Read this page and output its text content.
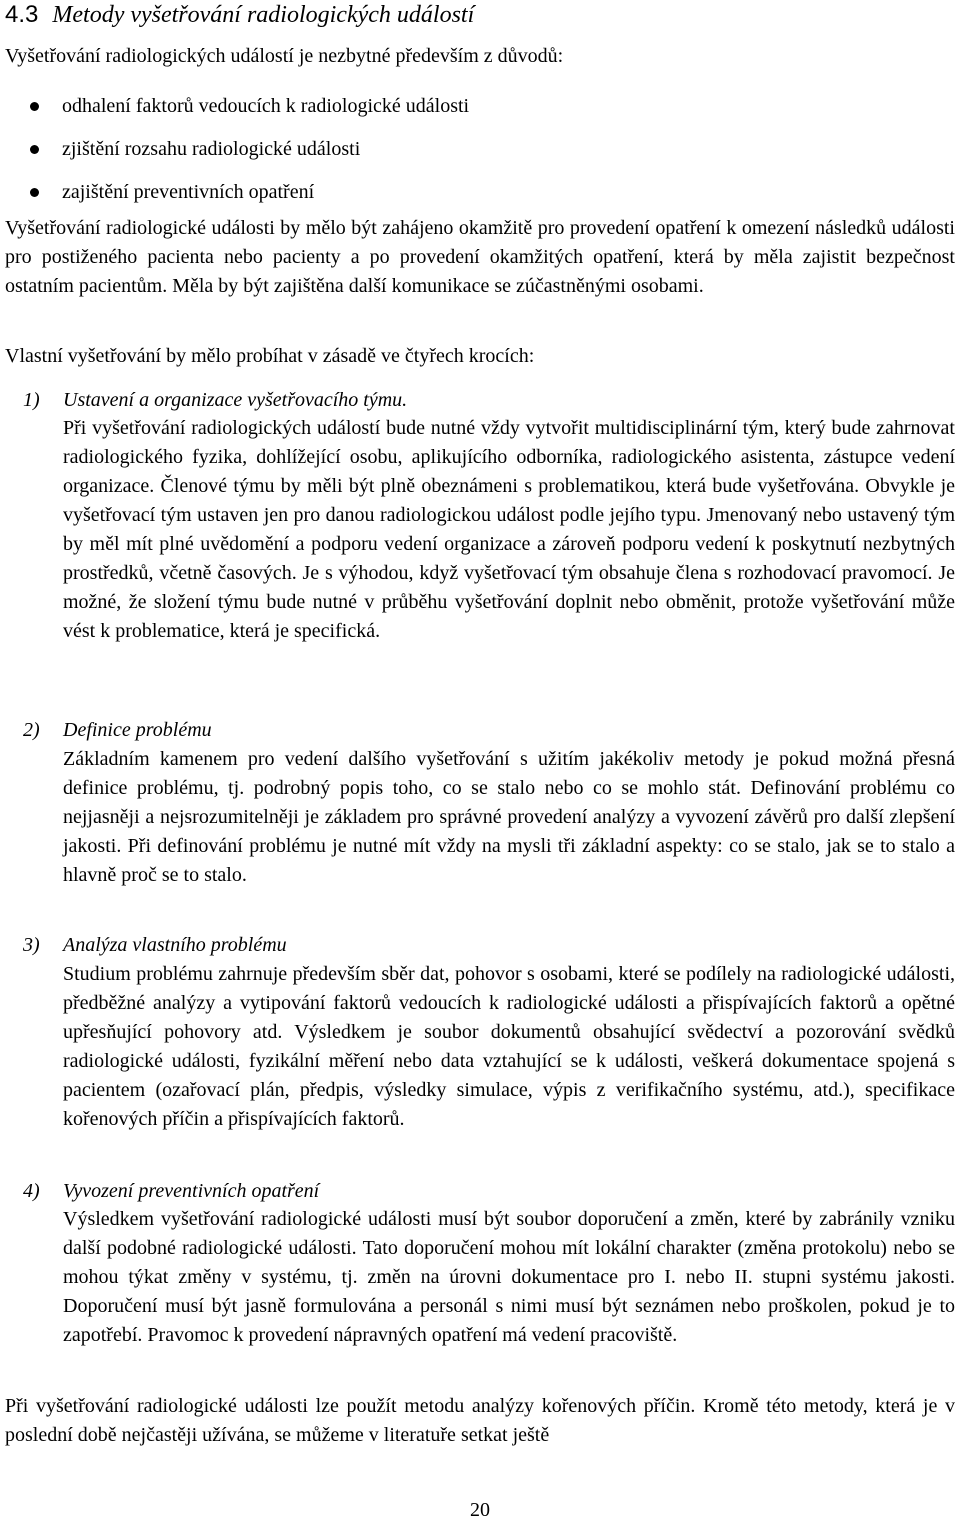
4.3 Metody vyšetřování radiologických událostí

Vyšetřování radiologických událostí je nezbytné především z důvodů:

odhalení faktorů vedoucích k radiologické události
zjištění rozsahu radiologické události
zajištění preventivních opatření

Vyšetřování radiologické události by mělo být zahájeno okamžitě pro provedení opatření k omezení následků události pro postiženého pacienta nebo pacienty a po provedení okamžitých opatření, která by měla zajistit bezpečnost ostatním pacientům. Měla by být zajištěna další komunikace se zúčastněnými osobami.

Vlastní vyšetřování by mělo probíhat v zásadě ve čtyřech krocích:

1) Ustavení a organizace vyšetřovacího týmu.

Při vyšetřování radiologických událostí bude nutné vždy vytvořit multidisciplinární tým, který bude zahrnovat radiologického fyzika, dohlížející osobu, aplikujícího odborníka, radiologického asistenta, zástupce vedení organizace. Členové týmu by měli být plně obeznámeni s problematikou, která bude vyšetřována. Obvykle je vyšetřovací tým ustaven jen pro danou radiologickou událost podle jejího typu. Jmenovaný nebo ustavený tým by měl mít plné uvědomění a podporu vedení organizace a zároveň podporu vedení k poskytnutí nezbytných prostředků, včetně časových. Je s výhodou, když vyšetřovací tým obsahuje člena s rozhodovací pravomocí. Je možné, že složení týmu bude nutné v průběhu vyšetřování doplnit nebo obměnit, protože vyšetřování může vést k problematice, která je specifická.

2) Definice problému

Základním kamenem pro vedení dalšího vyšetřování s užitím jakékoliv metody je pokud možná přesná definice problému, tj. podrobný popis toho, co se stalo nebo co se mohlo stát. Definování problému co nejjasněji a nejsrozumitelněji je základem pro správné provedení analýzy a vyvození závěrů pro další zlepšení jakosti. Při definování problému je nutné mít vždy na mysli tři základní aspekty: co se stalo, jak se to stalo a hlavně proč se to stalo.

3) Analýza vlastního problému

Studium problému zahrnuje především sběr dat, pohovor s osobami, které se podílely na radiologické události, předběžné analýzy a vytipování faktorů vedoucích k radiologické události a přispívajících faktorů a opětné upřesňující pohovory atd. Výsledkem je soubor dokumentů obsahující svědectví a pozorování svědků radiologické události, fyzikální měření nebo data vztahující se k události, veškerá dokumentace spojená s pacientem (ozařovací plán, předpis, výsledky simulace, výpis z verifikačního systému, atd.), specifikace kořenových příčin a přispívajících faktorů.

4) Vyvození preventivních opatření

Výsledkem vyšetřování radiologické události musí být soubor doporučení a změn, které by zabránily vzniku další podobné radiologické události. Tato doporučení mohou mít lokální charakter (změna protokolu) nebo se mohou týkat změny v systému, tj. změn na úrovni dokumentace pro I. nebo II. stupni systému jakosti. Doporučení musí být jasně formulována a personál s nimi musí být seznámen nebo proškolen, pokud je to zapotřebí. Pravomoc k provedení nápravných opatření má vedení pracoviště.

Při vyšetřování radiologické události lze použít metodu analýzy kořenových příčin. Kromě této metody, která je v poslední době nejčastěji užívána, se můžeme v literatuře setkat ještě

20
